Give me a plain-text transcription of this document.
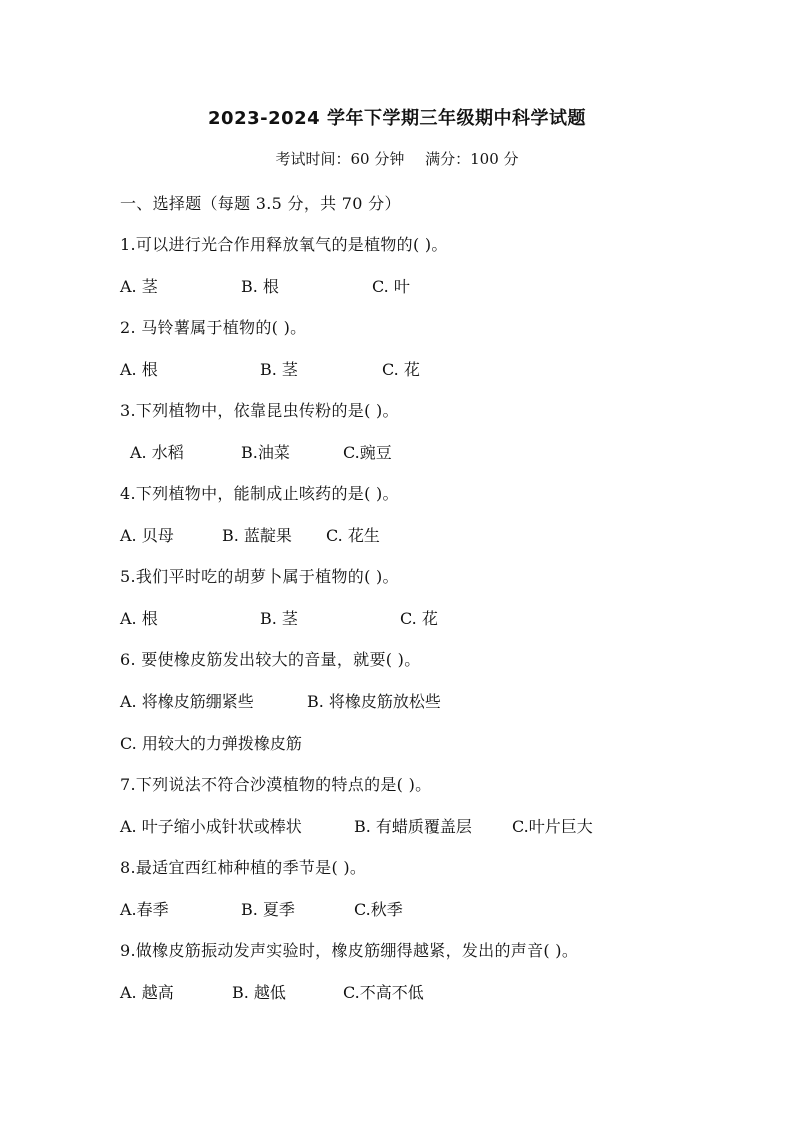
2023-2024 学年下学期三年级期中科学试题
考试时间：60 分钟 满分：100 分
一、选择题（每题 3.5 分，共 70 分）
1.可以进行光合作用释放氧气的是植物的( )。
A. 茎	B. 根	C. 叶
2. 马铃薯属于植物的( )。
A. 根	B. 茎	C. 花
3.下列植物中，依靠昆虫传粉的是( )。
A. 水稻	B.油菜	C.豌豆
4.下列植物中，能制成止咳药的是( )。
A. 贝母	B. 蓝靛果 C. 花生
5.我们平时吃的胡萝卜属于植物的( )。
A. 根	B. 茎	C. 花
6. 要使橡皮筋发出较大的音量，就要( )。
A. 将橡皮筋绷紧些	B. 将橡皮筋放松些
C. 用较大的力弹拨橡皮筋
7.下列说法不符合沙漠植物的特点的是( )。
A. 叶子缩小成针状或棒状	B. 有蜡质覆盖层	C.叶片巨大
8.最适宜西红柿种植的季节是( )。
A.春季	B. 夏季	C.秋季
9.做橡皮筋振动发声实验时，橡皮筋绷得越紧，发出的声音( )。
A. 越高	B. 越低	C.不高不低
